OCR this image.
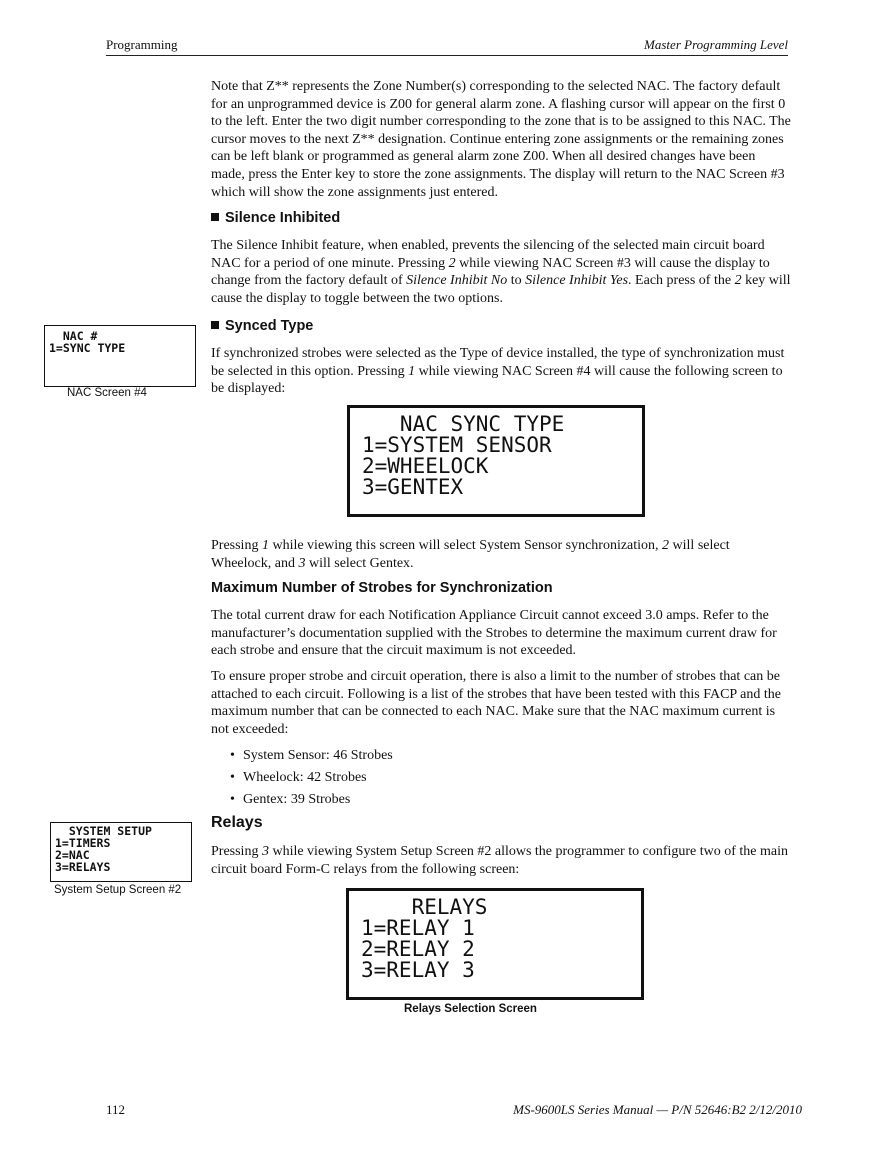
Programming	Master Programming Level

Note that Z** represents the Zone Number(s) corresponding to the selected NAC. The factory default for an unprogrammed device is Z00 for general alarm zone. A flashing cursor will appear on the first 0 to the left. Enter the two digit number corresponding to the zone that is to be assigned to this NAC. The cursor moves to the next Z** designation. Continue entering zone assignments or the remaining zones can be left blank or programmed as general alarm zone Z00. When all desired changes have been made, press the Enter key to store the zone assignments. The display will return to the NAC Screen #3 which will show the zone assignments just entered.

Silence Inhibited

The Silence Inhibit feature, when enabled, prevents the silencing of the selected main circuit board NAC for a period of one minute. Pressing 2 while viewing NAC Screen #3 will cause the display to change from the factory default of Silence Inhibit No to Silence Inhibit Yes. Each press of the 2 key will cause the display to toggle between the two options.

NAC #
1=SYNC TYPE
NAC Screen #4
Synced Type

If synchronized strobes were selected as the Type of device installed, the type of synchronization must be selected in this option. Pressing 1 while viewing NAC Screen #4 will cause the following screen to be displayed:

NAC SYNC TYPE
1=SYSTEM SENSOR
2=WHEELOCK
3=GENTEX

Pressing 1 while viewing this screen will select System Sensor synchronization, 2 will select Wheelock, and 3 will select Gentex.

Maximum Number of Strobes for Synchronization

The total current draw for each Notification Appliance Circuit cannot exceed 3.0 amps. Refer to the manufacturer’s documentation supplied with the Strobes to determine the maximum current draw for each strobe and ensure that the circuit maximum is not exceeded.

To ensure proper strobe and circuit operation, there is also a limit to the number of strobes that can be attached to each circuit. Following is a list of the strobes that have been tested with this FACP and the maximum number that can be connected to each NAC. Make sure that the NAC maximum current is not exceeded:

• System Sensor: 46 Strobes
• Wheelock: 42 Strobes
• Gentex: 39 Strobes
SYSTEM SETUP
1=TIMERS
2=NAC
3=RELAYS
System Setup Screen #2
Relays

Pressing 3 while viewing System Setup Screen #2 allows the programmer to configure two of the main circuit board Form-C relays from the following screen:

RELAYS
1=RELAY 1
2=RELAY 2
3=RELAY 3
Relays Selection Screen
112	MS-9600LS Series Manual — P/N 52646:B2 2/12/2010
